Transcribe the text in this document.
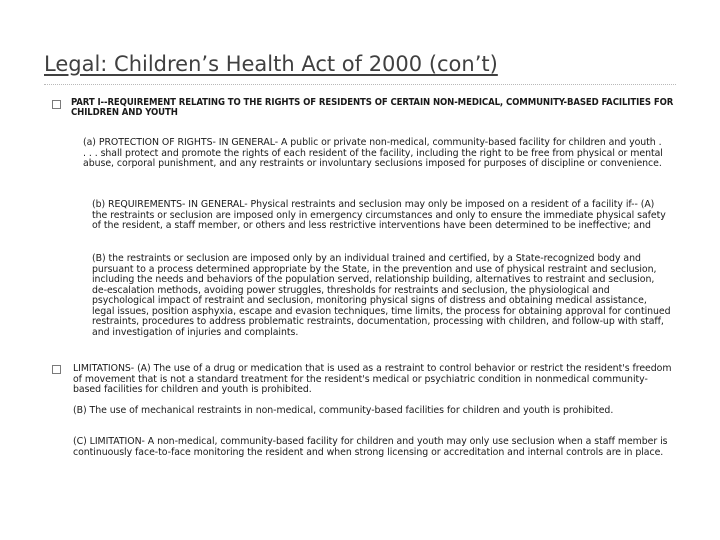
Legal: Children’s Health Act of 2000 (con’t)

PART I--REQUIREMENT RELATING TO THE RIGHTS OF RESIDENTS OF CERTAIN NON-MEDICAL, COMMUNITY-BASED FACILITIES FOR CHILDREN AND YOUTH

(a) PROTECTION OF RIGHTS- IN GENERAL- A public or private non-medical, community-based facility for children and youth . . . . shall protect and promote the rights of each resident of the facility, including the right to be free from physical or mental abuse, corporal punishment, and any restraints or involuntary seclusions imposed for purposes of discipline or convenience.

(b) REQUIREMENTS- IN GENERAL- Physical restraints and seclusion may only be imposed on a resident of a facility if-- (A) the restraints or seclusion are imposed only in emergency circumstances and only to ensure the immediate physical safety of the resident, a staff member, or others and less restrictive interventions have been determined to be ineffective; and

(B) the restraints or seclusion are imposed only by an individual trained and certified, by a State-recognized body and pursuant to a process determined appropriate by the State, in the prevention and use of physical restraint and seclusion, including the needs and behaviors of the population served, relationship building, alternatives to restraint and seclusion, de-escalation methods, avoiding power struggles, thresholds for restraints and seclusion, the physiological and psychological impact of restraint and seclusion, monitoring physical signs of distress and obtaining medical assistance, legal issues, position asphyxia, escape and evasion techniques, time limits, the process for obtaining approval for continued restraints, procedures to address problematic restraints, documentation, processing with children, and follow-up with staff, and investigation of injuries and complaints.

LIMITATIONS- (A) The use of a drug or medication that is used as a restraint to control behavior or restrict the resident's freedom of movement that is not a standard treatment for the resident's medical or psychiatric condition in nonmedical community-based facilities for children and youth is prohibited.

(B) The use of mechanical restraints in non-medical, community-based facilities for children and youth is prohibited.

(C) LIMITATION- A non-medical, community-based facility for children and youth may only use seclusion when a staff member is continuously face-to-face monitoring the resident and when strong licensing or accreditation and internal controls are in place.
